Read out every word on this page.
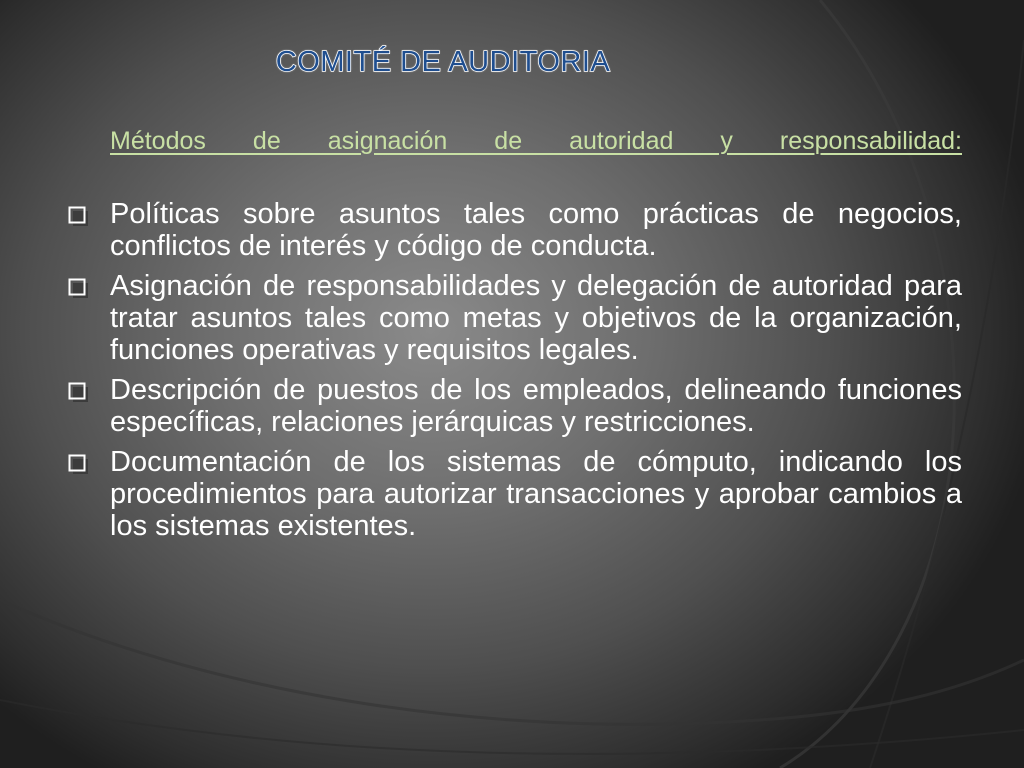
COMITÉ DE AUDITORIA
Métodos de asignación de autoridad y responsabilidad:

Políticas sobre asuntos tales como prácticas de negocios, conflictos de interés y código de conducta.

Asignación de responsabilidades y delegación de autoridad para tratar asuntos tales como metas y objetivos de la organización, funciones operativas y requisitos legales.

Descripción de puestos de los empleados, delineando funciones específicas, relaciones jerárquicas y restricciones.

Documentación de los sistemas de cómputo, indicando los procedimientos para autorizar transacciones y aprobar cambios a los sistemas existentes.
